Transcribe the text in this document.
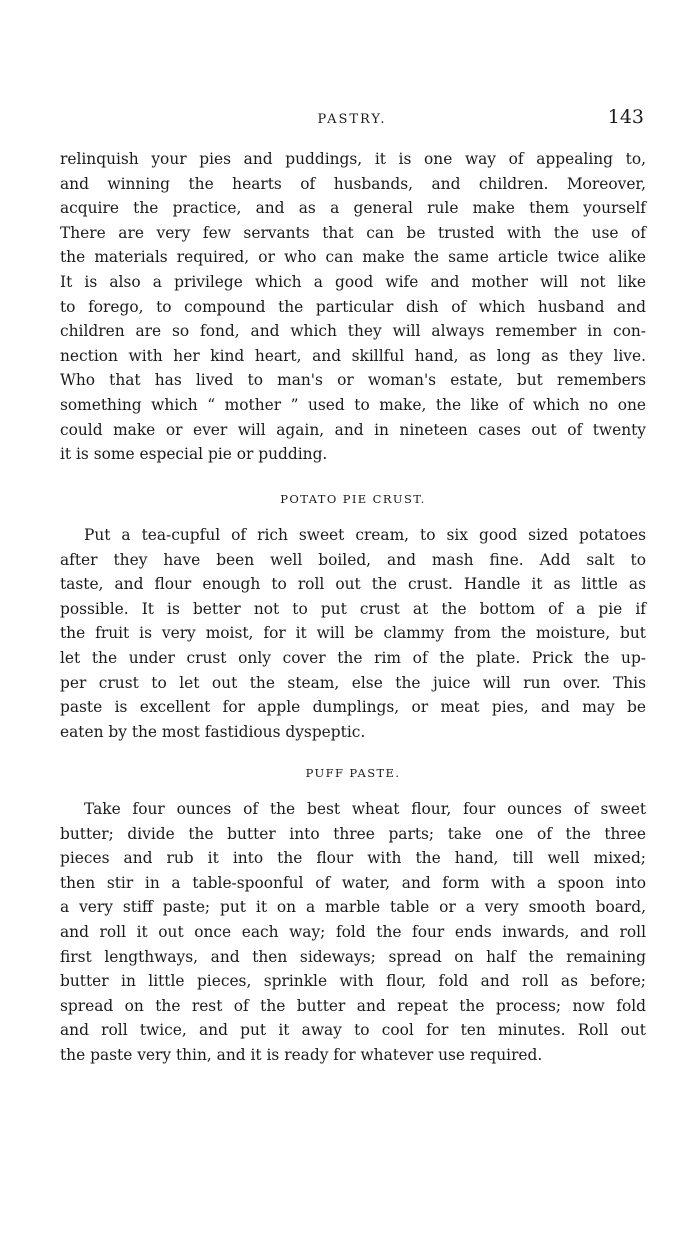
PASTRY.	143
relinquish your pies and puddings, it is one way of appealing to,
and winning the hearts of husbands, and children. Moreover,
acquire the practice, and as a general rule make them yourself
There are very few servants that can be trusted with the use of
the materials required, or who can make the same article twice alike
It is also a privilege which a good wife and mother will not like
to forego, to compound the particular dish of which husband and
children are so fond, and which they will always remember in con-
nection with her kind heart, and skillful hand, as long as they live.
Who that has lived to man's or woman's estate, but remembers
something which “ mother ” used to make, the like of which no one
could make or ever will again, and in nineteen cases out of twenty
it is some especial pie or pudding.
POTATO PIE CRUST.
Put a tea-cupful of rich sweet cream, to six good sized potatoes
after they have been well boiled, and mash fine. Add salt to
taste, and flour enough to roll out the crust. Handle it as little as
possible. It is better not to put crust at the bottom of a pie if
the fruit is very moist, for it will be clammy from the moisture, but
let the under crust only cover the rim of the plate. Prick the up-
per crust to let out the steam, else the juice will run over. This
paste is excellent for apple dumplings, or meat pies, and may be
eaten by the most fastidious dyspeptic.
PUFF PASTE.
Take four ounces of the best wheat flour, four ounces of sweet
butter; divide the butter into three parts; take one of the three
pieces and rub it into the flour with the hand, till well mixed;
then stir in a table-spoonful of water, and form with a spoon into
a very stiff paste; put it on a marble table or a very smooth board,
and roll it out once each way; fold the four ends inwards, and roll
first lengthways, and then sideways; spread on half the remaining
butter in little pieces, sprinkle with flour, fold and roll as before;
spread on the rest of the butter and repeat the process; now fold
and roll twice, and put it away to cool for ten minutes. Roll out
the paste very thin, and it is ready for whatever use required.
